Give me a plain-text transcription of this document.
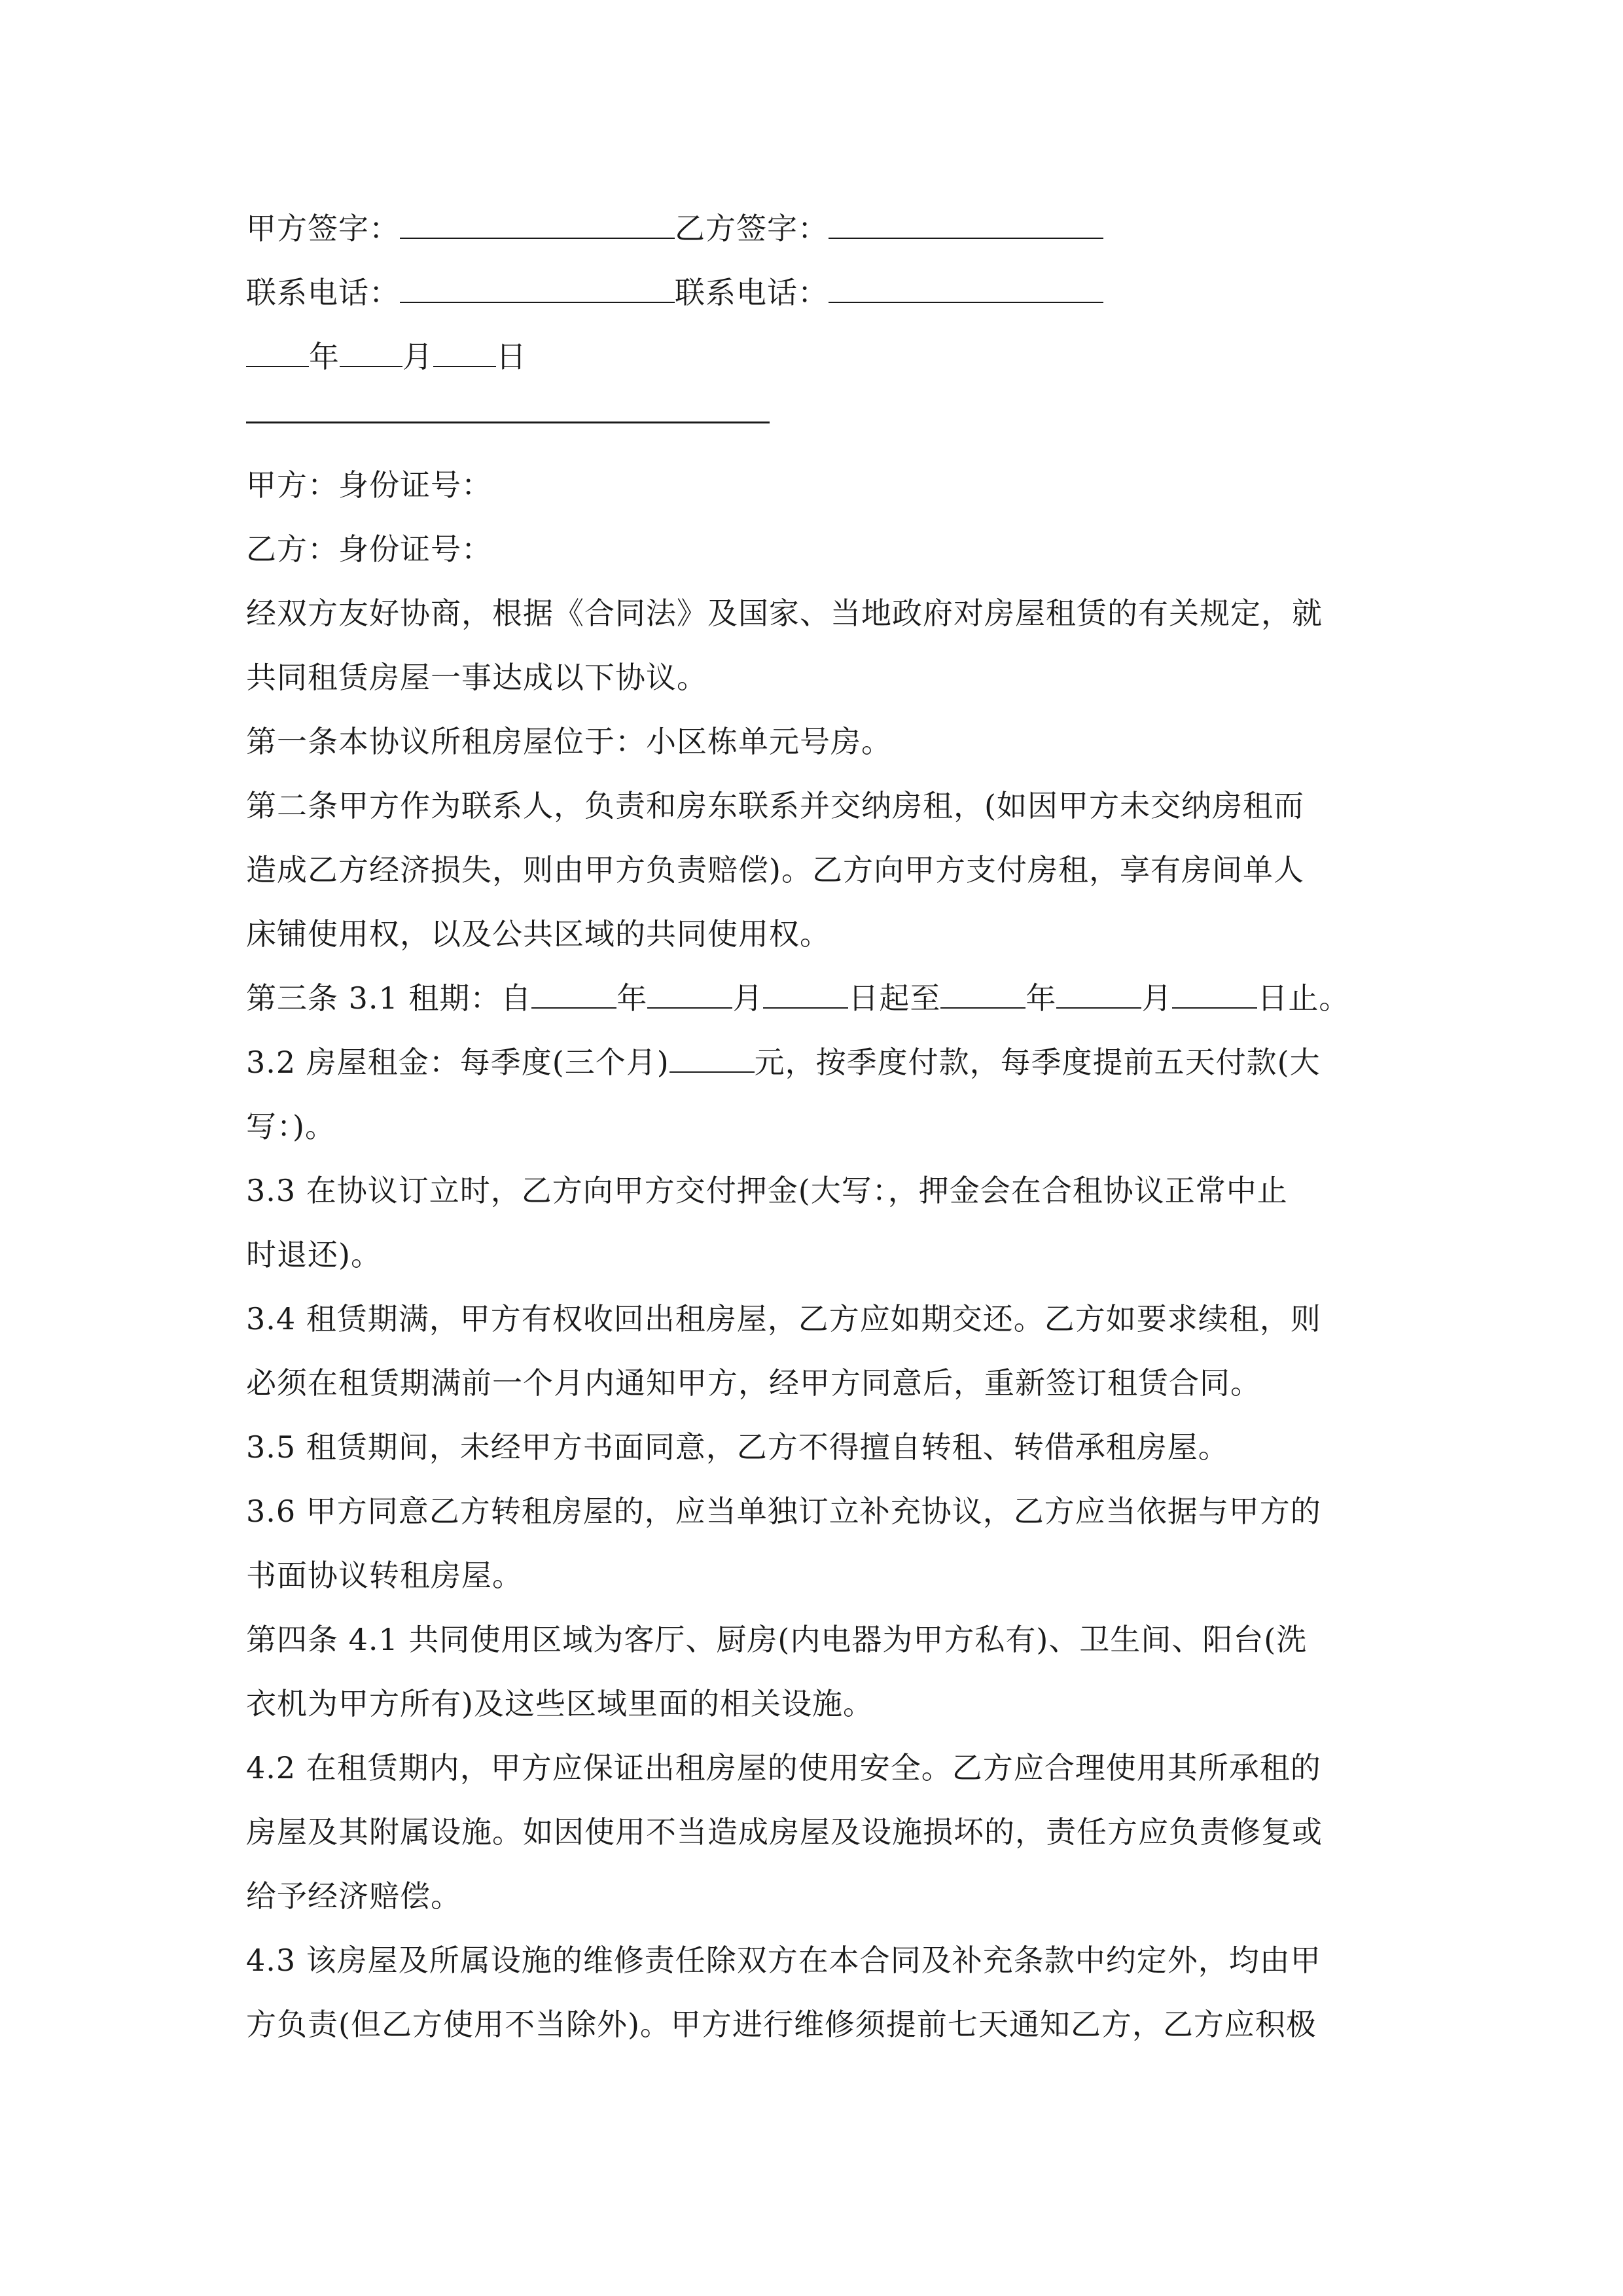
甲方签字：	乙方签字：
联系电话：	联系电话：
年 月 日
甲方：身份证号：
乙方：身份证号：
经双方友好协商，根据《合同法》及国家、当地政府对房屋租赁的有关规定，就
共同租赁房屋一事达成以下协议。
第一条本协议所租房屋位于：小区栋单元号房。
第二条甲方作为联系人，负责和房东联系并交纳房租，(如因甲方未交纳房租而
造成乙方经济损失，则由甲方负责赔偿)。乙方向甲方支付房租，享有房间单人
床铺使用权，以及公共区域的共同使用权。
第三条 3.1 租期：自	年	月	日起至	年	月	日止。
3.2 房屋租金：每季度(三个月)	元，按季度付款，每季度提前五天付款(大
写：)。
3.3 在协议订立时，乙方向甲方交付押金(大写：，押金会在合租协议正常中止
时退还)。
3.4 租赁期满，甲方有权收回出租房屋，乙方应如期交还。乙方如要求续租，则
必须在租赁期满前一个月内通知甲方，经甲方同意后，重新签订租赁合同。
3.5 租赁期间，未经甲方书面同意，乙方不得擅自转租、转借承租房屋。
3.6 甲方同意乙方转租房屋的，应当单独订立补充协议，乙方应当依据与甲方的
书面协议转租房屋。
第四条 4.1 共同使用区域为客厅、厨房(内电器为甲方私有)、卫生间、阳台(洗
衣机为甲方所有)及这些区域里面的相关设施。
4.2 在租赁期内，甲方应保证出租房屋的使用安全。乙方应合理使用其所承租的
房屋及其附属设施。如因使用不当造成房屋及设施损坏的，责任方应负责修复或
给予经济赔偿。
4.3 该房屋及所属设施的维修责任除双方在本合同及补充条款中约定外，均由甲
方负责(但乙方使用不当除外)。甲方进行维修须提前七天通知乙方，乙方应积极
